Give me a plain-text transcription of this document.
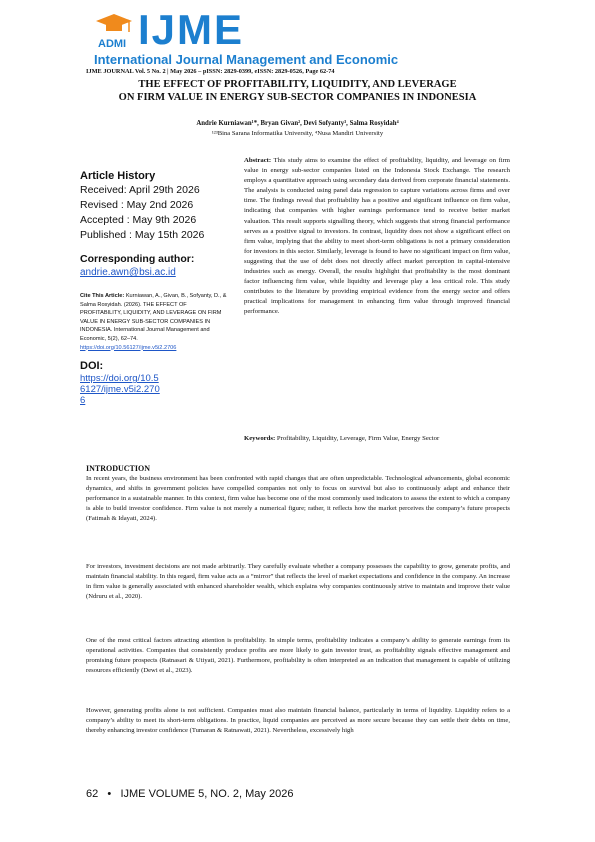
ADMI IJME
International Journal Management and Economic
IJME JOURNAL Vol. 5 No. 2 | May 2026 – pISSN: 2829-0399, eISSN: 2829-0526, Page 62-74
THE EFFECT OF PROFITABILITY, LIQUIDITY, AND LEVERAGE
ON FIRM VALUE IN ENERGY SUB-SECTOR COMPANIES IN INDONESIA
Andrie Kurniawan¹*, Bryan Givan², Devi Sofyanty³, Salma Rosyidah⁴
¹²³Bina Sarana Informatika University, ⁴Nusa Mandiri University
Article History
Received: April 29th 2026
Revised : May 2nd 2026
Accepted : May 9th 2026
Published : May 15th 2026
Corresponding author:
andrie.awn@bsi.ac.id
Cite This Article: Kurniawan, A., Givan, B., Sofyanty, D., & Salma Rosyidah. (2026). THE EFFECT OF PROFITABILITY, LIQUIDITY, AND LEVERAGE ON FIRM VALUE IN ENERGY SUB-SECTOR COMPANIES IN INDONESIA. International Journal Management and Economic, 5(2), 62–74. https://doi.org/10.56127/ijme.v5i2.2706
DOI:
https://doi.org/10.56127/ijme.v5i2.2706
Abstract: This study aims to examine the effect of profitability, liquidity, and leverage on firm value in energy sub-sector companies listed on the Indonesia Stock Exchange. The research employs a quantitative approach using secondary data derived from corporate financial statements. The analysis is conducted using panel data regression to capture variations across firms and over time. The findings reveal that profitability has a positive and significant influence on firm value, indicating that companies with higher earnings performance tend to receive better market valuation. This result supports signalling theory, which suggests that strong financial performance serves as a positive signal to investors. In contrast, liquidity does not show a significant effect on firm value, implying that the ability to meet short-term obligations is not a primary consideration for investors in this sector. Similarly, leverage is found to have no significant impact on firm value, suggesting that the use of debt does not directly affect market perception in capital-intensive industries such as energy. Overall, the results highlight that profitability is the most dominant factor influencing firm value, while liquidity and leverage play a less critical role. This study contributes to the literature by providing empirical evidence from the energy sector and offers practical implications for management in enhancing firm value through improved financial performance.
Keywords: Profitability, Liquidity, Leverage, Firm Value, Energy Sector
INTRODUCTION
In recent years, the business environment has been confronted with rapid changes that are often unpredictable. Technological advancements, global economic dynamics, and shifts in government policies have compelled companies not only to focus on survival but also to continuously adapt and enhance their performance in a sustainable manner. In this context, firm value has become one of the most commonly used indicators to assess the extent to which a company is able to build investor confidence. Firm value is not merely a numerical figure; rather, it reflects how the market perceives the company’s future prospects (Fatimah & Idayati, 2024).
For investors, investment decisions are not made arbitrarily. They carefully evaluate whether a company possesses the capability to grow, generate profits, and maintain financial stability. In this regard, firm value acts as a “mirror” that reflects the level of market expectations and confidence in the company. An increase in firm value is generally associated with enhanced shareholder wealth, which explains why companies continuously strive to maintain and improve their value (Ndruru et al., 2020).
One of the most critical factors attracting attention is profitability. In simple terms, profitability indicates a company’s ability to generate earnings from its operational activities. Companies that consistently produce profits are more likely to gain investor trust, as profitability signals effective management and promising future prospects (Ratnasari & Utiyati, 2021). Furthermore, profitability is often interpreted as an indication that management is capable of utilizing resources efficiently (Dewi et al., 2023).
However, generating profits alone is not sufficient. Companies must also maintain financial balance, particularly in terms of liquidity. Liquidity refers to a company’s ability to meet its short-term obligations. In practice, liquid companies are perceived as more secure because they can settle their debts on time, thereby enhancing investor confidence (Tumaran & Ratnawati, 2021). Nevertheless, excessively high
62 • IJME VOLUME 5, NO. 2, May 2026
